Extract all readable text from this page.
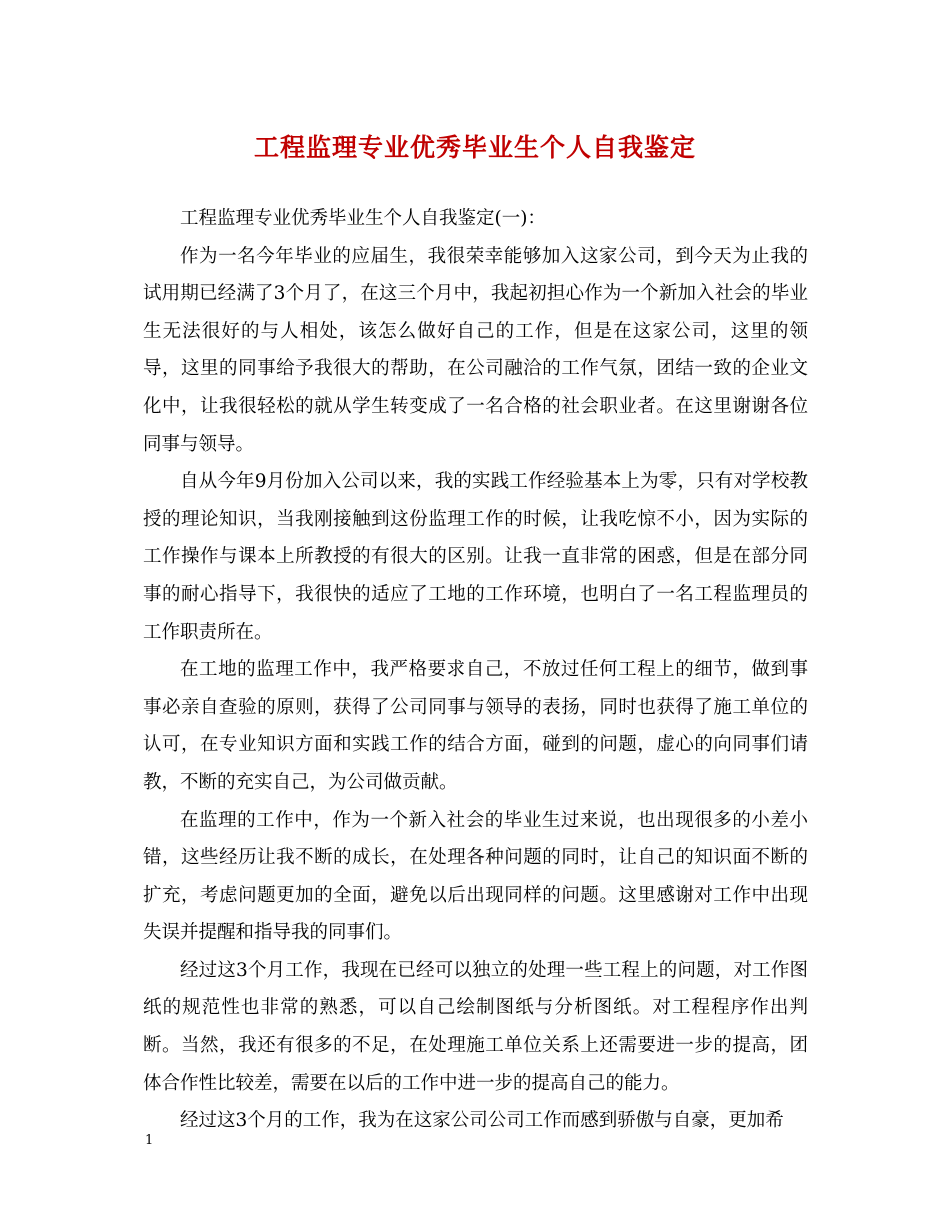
工程监理专业优秀毕业生个人自我鉴定

工程监理专业优秀毕业生个人自我鉴定(一)：

作为一名今年毕业的应届生，我很荣幸能够加入这家公司，到今天为止我的试用期已经满了3个月了，在这三个月中，我起初担心作为一个新加入社会的毕业生无法很好的与人相处，该怎么做好自己的工作，但是在这家公司，这里的领导，这里的同事给予我很大的帮助，在公司融洽的工作气氛，团结一致的企业文化中，让我很轻松的就从学生转变成了一名合格的社会职业者。在这里谢谢各位同事与领导。

自从今年9月份加入公司以来，我的实践工作经验基本上为零，只有对学校教授的理论知识，当我刚接触到这份监理工作的时候，让我吃惊不小，因为实际的工作操作与课本上所教授的有很大的区别。让我一直非常的困惑，但是在部分同事的耐心指导下，我很快的适应了工地的工作环境，也明白了一名工程监理员的工作职责所在。

在工地的监理工作中，我严格要求自己，不放过任何工程上的细节，做到事事必亲自查验的原则，获得了公司同事与领导的表扬，同时也获得了施工单位的认可，在专业知识方面和实践工作的结合方面，碰到的问题，虚心的向同事们请教，不断的充实自己，为公司做贡献。

在监理的工作中，作为一个新入社会的毕业生过来说，也出现很多的小差小错，这些经历让我不断的成长，在处理各种问题的同时，让自己的知识面不断的扩充，考虑问题更加的全面，避免以后出现同样的问题。这里感谢对工作中出现失误并提醒和指导我的同事们。

经过这3个月工作，我现在已经可以独立的处理一些工程上的问题，对工作图纸的规范性也非常的熟悉，可以自己绘制图纸与分析图纸。对工程程序作出判断。当然，我还有很多的不足，在处理施工单位关系上还需要进一步的提高，团体合作性比较差，需要在以后的工作中进一步的提高自己的能力。

经过这3个月的工作，我为在这家公司公司工作而感到骄傲与自豪，更加希

1
